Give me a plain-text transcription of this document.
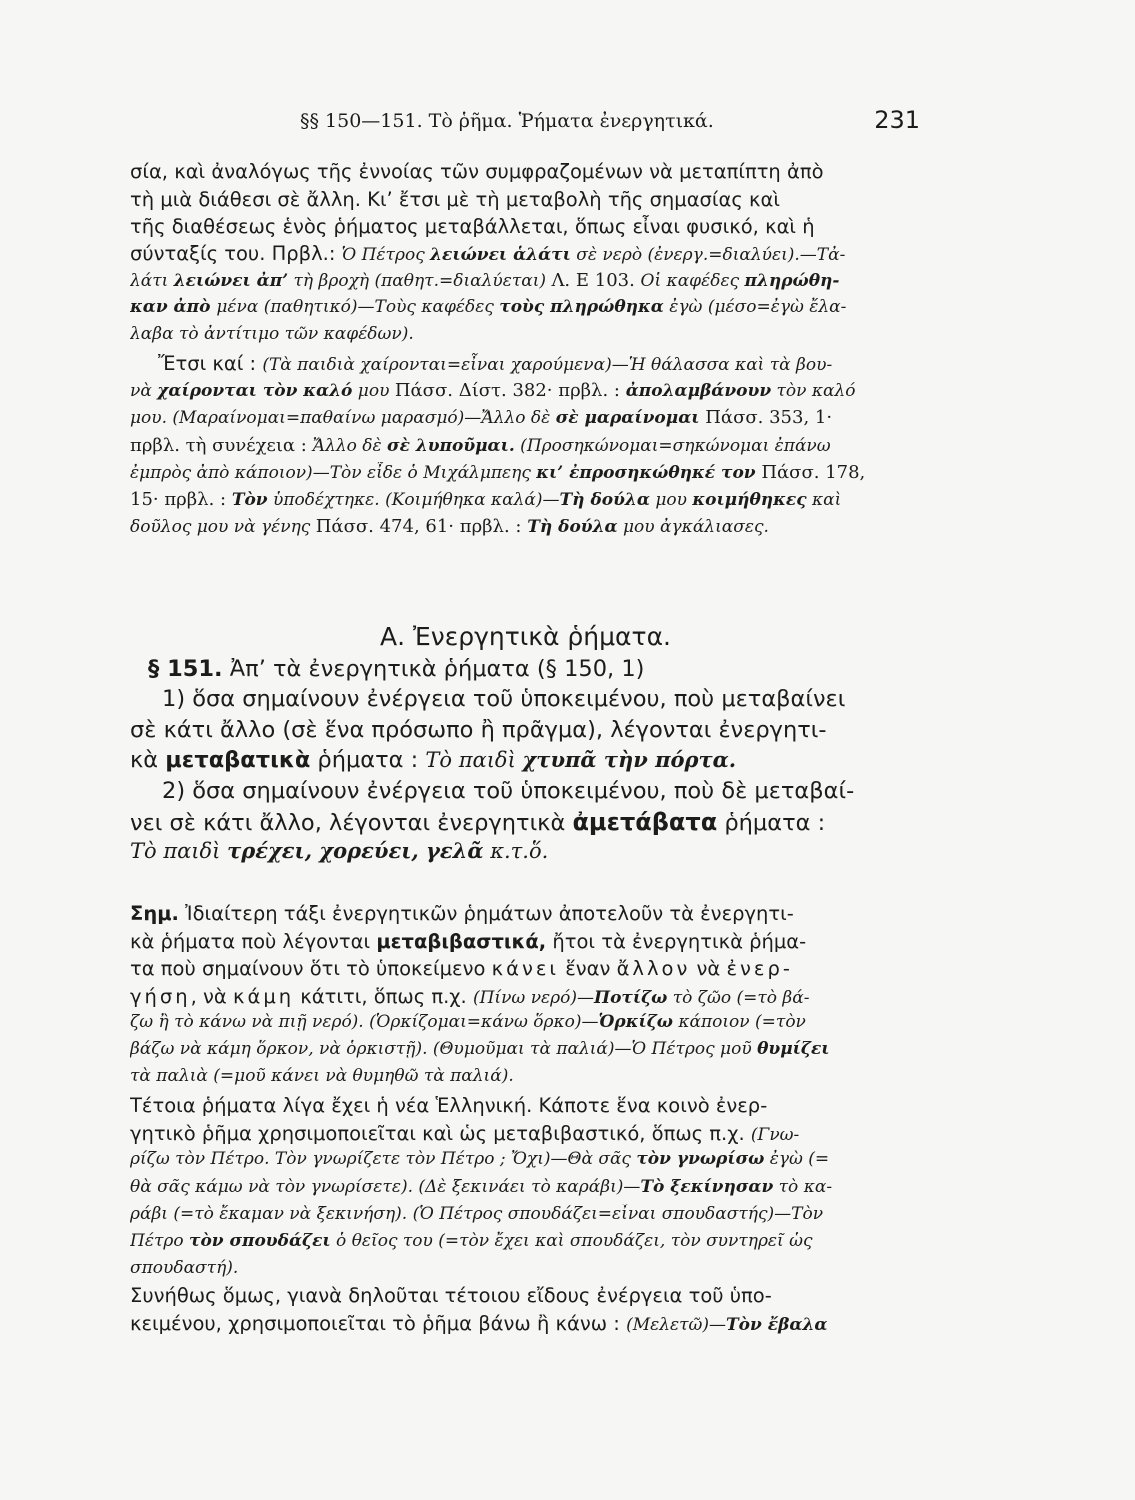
§§ 150—151. Τὸ ῥῆμα. Ῥήματα ἐνεργητικά.	231
σία, καὶ ἀναλόγως τῆς ἐννοίας τῶν συμφραζομένων νὰ μεταπίπτη ἀπὸ
τὴ μιὰ διάθεσι σὲ ἄλλη. Κι’ ἔτσι μὲ τὴ μεταβολὴ τῆς σημασίας καὶ
τῆς διαθέσεως ἑνὸς ῥήματος μεταβάλλεται, ὅπως εἶναι φυσικό, καὶ ἡ
σύνταξίς του. Πρβλ.: Ὁ Πέτρος λειώνει ἁλάτι σὲ νερὸ (ἐνεργ.=διαλύει).—Τἀ-
λάτι λειώνει ἀπ’ τὴ βροχὴ (παθητ.=διαλύεται) Λ. Ε 103. Οἱ καφέδες πληρώθη-
καν ἀπὸ μένα (παθητικό)—Τοὺς καφέδες τοὺς πληρώθηκα ἐγὼ (μέσο=ἐγὼ ἔλα-
λαβα τὸ ἀντίτιμο τῶν καφέδων).
Ἔτσι καί : (Τὰ παιδιὰ χαίρονται=εἶναι χαρούμενα)—Ἡ θάλασσα καὶ τὰ βου-
νὰ χαίρονται τὸν καλό μου Πάσσ. Δίστ. 382· πρβλ. : ἀπολαμβάνουν τὸν καλό
μου. (Μαραίνομαι=παθαίνω μαρασμό)—Ἄλλο δὲ σὲ μαραίνομαι Πάσσ. 353, 1·
πρβλ. τὴ συνέχεια : Ἄλλο δὲ σὲ λυποῦμαι. (Προσηκώνομαι=σηκώνομαι ἐπάνω
ἐμπρὸς ἀπὸ κάποιον)—Τὸν εἶδε ὁ Μιχάλμπεης κι’ ἐπροσηκώθηκέ τον Πάσσ. 178,
15· πρβλ. : Τὸν ὑποδέχτηκε. (Κοιμήθηκα καλά)—Τὴ δούλα μου κοιμήθηκες καὶ
δοῦλος μου νὰ γένης Πάσσ. 474, 61· πρβλ. : Τὴ δούλα μου ἀγκάλιασες.
Α. Ἐνεργητικὰ ῥήματα.
§ 151. Ἀπ’ τὰ ἐνεργητικὰ ῥήματα (§ 150, 1)
1) ὅσα σημαίνουν ἐνέργεια τοῦ ὑποκειμένου, ποὺ μεταβαίνει
σὲ κάτι ἄλλο (σὲ ἕνα πρόσωπο ἢ πρᾶγμα), λέγονται ἐνεργητι-
κὰ μεταβατικὰ ῥήματα : Τὸ παιδὶ χτυπᾶ τὴν πόρτα.
2) ὅσα σημαίνουν ἐνέργεια τοῦ ὑποκειμένου, ποὺ δὲ μεταβαί-
νει σὲ κάτι ἄλλο, λέγονται ἐνεργητικὰ ἀμετάβατα ῥήματα :
Τὸ παιδὶ τρέχει, χορεύει, γελᾶ κ.τ.ὅ.
Σημ. Ἰδιαίτερη τάξι ἐνεργητικῶν ῥημάτων ἀποτελοῦν τὰ ἐνεργητι-
κὰ ῥήματα ποὺ λέγονται μεταβιβαστικά, ἤτοι τὰ ἐνεργητικὰ ῥήμα-
τα ποὺ σημαίνουν ὅτι τὸ ὑποκείμενο κάνει ἕναν ἄλλον νὰ ἐνερ-
γήση, νὰ κάμη κάτιτι, ὅπως π.χ. (Πίνω νερό)—Ποτίζω τὸ ζῶο (=τὸ βά-
ζω ἢ τὸ κάνω νὰ πιῇ νερό). (Ὁρκίζομαι=κάνω ὅρκο)—Ὁρκίζω κάποιον (=τὸν
βάζω νὰ κάμη ὅρκον, νὰ ὁρκιστῇ). (Θυμοῦμαι τὰ παλιά)—Ὁ Πέτρος μοῦ θυμίζει
τὰ παλιὰ (=μοῦ κάνει νὰ θυμηθῶ τὰ παλιά).
Τέτοια ῥήματα λίγα ἔχει ἡ νέα Ἑλληνική. Κάποτε ἕνα κοινὸ ἐνερ-
γητικὸ ῥῆμα χρησιμοποιεῖται καὶ ὡς μεταβιβαστικό, ὅπως π.χ. (Γνω-
ρίζω τὸν Πέτρο. Τὸν γνωρίζετε τὸν Πέτρο ; Ὄχι)—Θὰ σᾶς τὸν γνωρίσω ἐγὼ (=
θὰ σᾶς κάμω νὰ τὸν γνωρίσετε). (Δὲ ξεκινάει τὸ καράβι)—Τὸ ξεκίνησαν τὸ κα-
ράβι (=τὸ ἔκαμαν νὰ ξεκινήση). (Ὁ Πέτρος σπουδάζει=εἶναι σπουδαστής)—Τὸν
Πέτρο τὸν σπουδάζει ὁ θεῖος του (=τὸν ἔχει καὶ σπουδάζει, τὸν συντηρεῖ ὡς
σπουδαστή).
Συνήθως ὅμως, γιανὰ δηλοῦται τέτοιου εἴδους ἐνέργεια τοῦ ὑπο-
κειμένου, χρησιμοποιεῖται τὸ ῥῆμα βάνω ἢ κάνω : (Μελετῶ)—Τὸν ἔβαλα
